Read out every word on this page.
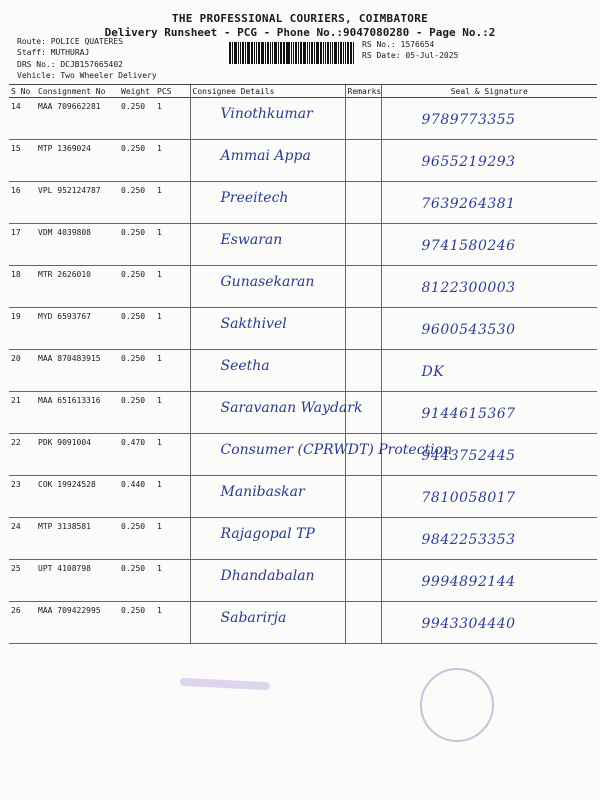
THE PROFESSIONAL COURIERS, COIMBATORE
Delivery Runsheet - PCG - Phone No.:9047080280 - Page No.:2
Route: POLICE QUATERES
Staff: MUTHURAJ
DRS No.: DCJB157665402
Vehicle: Two Wheeler Delivery
RS No.: 1576654
RS Date: 05-Jul-2025
S No	Consignment No	Weight	PCS	Consignee Details	Remarks	Seal & Signature
14	MAA 709662281	0.250	1	Vinothkumar		9789773355

15	MTP 1369024	0.250	1	Ammai Appa		9655219293

16	VPL 952124787	0.250	1	Preeitech		7639264381

17	VDM 4039808	0.250	1	Eswaran		9741580246

18	MTR 2626010	0.250	1	Gunasekaran		8122300003

19	MYD 6593767	0.250	1	Sakthivel		9600543530

20	MAA 870483915	0.250	1	Seetha		DK

21	MAA 651613316	0.250	1	Saravanan Waydark		9144615367

22	PDK 9091004	0.470	1	Consumer (CPRWDT) Protection		9443752445

23	COK 19924528	0.440	1	Manibaskar		7810058017

24	MTP 3138581	0.250	1	Rajagopal TP		9842253353

25	UPT 4108798	0.250	1	Dhandabalan		9994892144

26	MAA 709422995	0.250	1	Sabarirja		9943304440
